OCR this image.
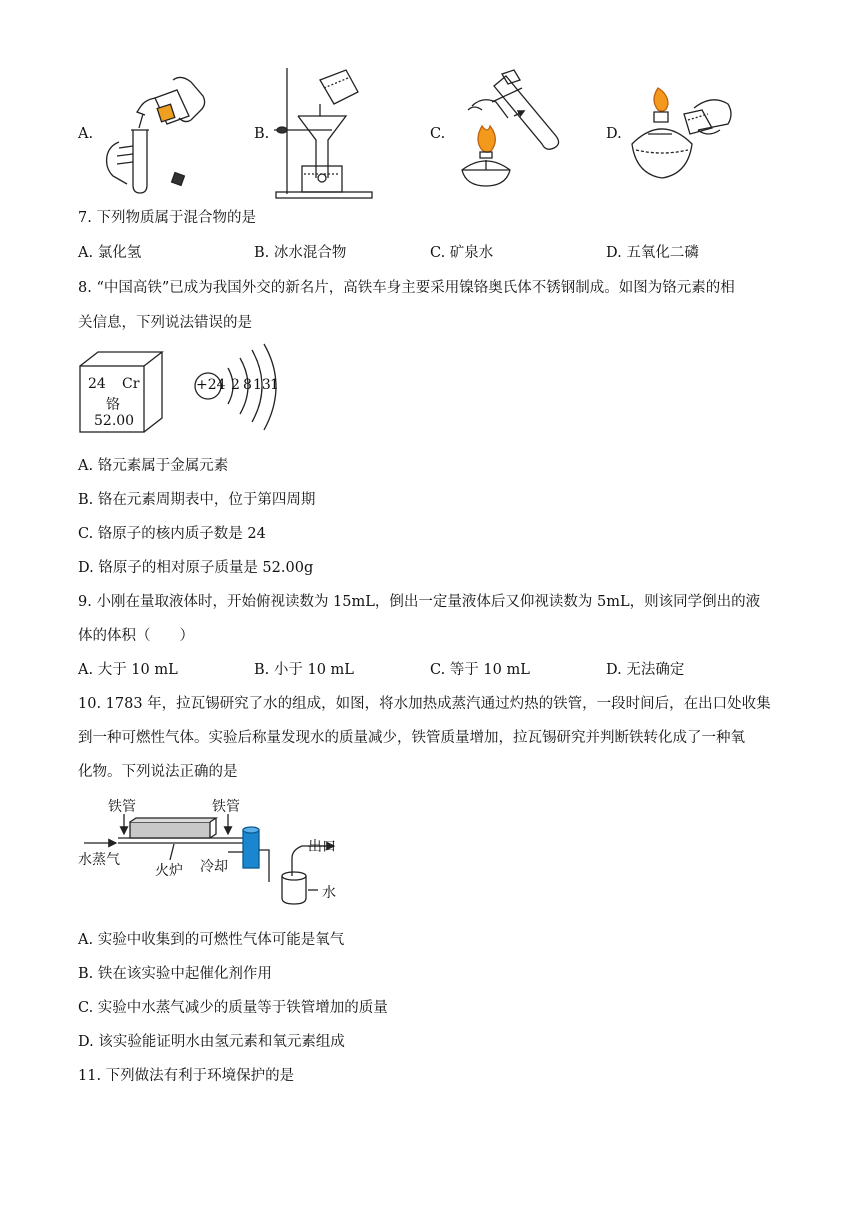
A.	B.	C.	D.
7. 下列物质属于混合物的是
A. 氯化氢	B. 冰水混合物	C. 矿泉水	D. 五氧化二磷
8. “中国高铁”已成为我国外交的新名片，高铁车身主要采用镍铬奥氏体不锈钢制成。如图为铬元素的相
关信息，下列说法错误的是
24 Cr
铬
52.00
+24 2 8 13 1
A. 铬元素属于金属元素
B. 铬在元素周期表中，位于第四周期
C. 铬原子的核内质子数是 24
D. 铬原子的相对原子质量是 52.00g
9. 小刚在量取液体时，开始俯视读数为 15mL，倒出一定量液体后又仰视读数为 5mL，则该同学倒出的液
体的体积（　　）
A. 大于 10 mL	B. 小于 10 mL	C. 等于 10 mL	D. 无法确定
10. 1783 年，拉瓦锡研究了水的组成，如图，将水加热成蒸汽通过灼热的铁管，一段时间后，在出口处收集
到一种可燃性气体。实验后称量发现水的质量减少，铁管质量增加，拉瓦锡研究并判断铁转化成了一种氧
化物。下列说法正确的是
铁管	铁管
水蒸气
火炉 冷却
出口
水
A. 实验中收集到的可燃性气体可能是氧气
B. 铁在该实验中起催化剂作用
C. 实验中水蒸气减少的质量等于铁管增加的质量
D. 该实验能证明水由氢元素和氧元素组成
11. 下列做法有利于环境保护的是
